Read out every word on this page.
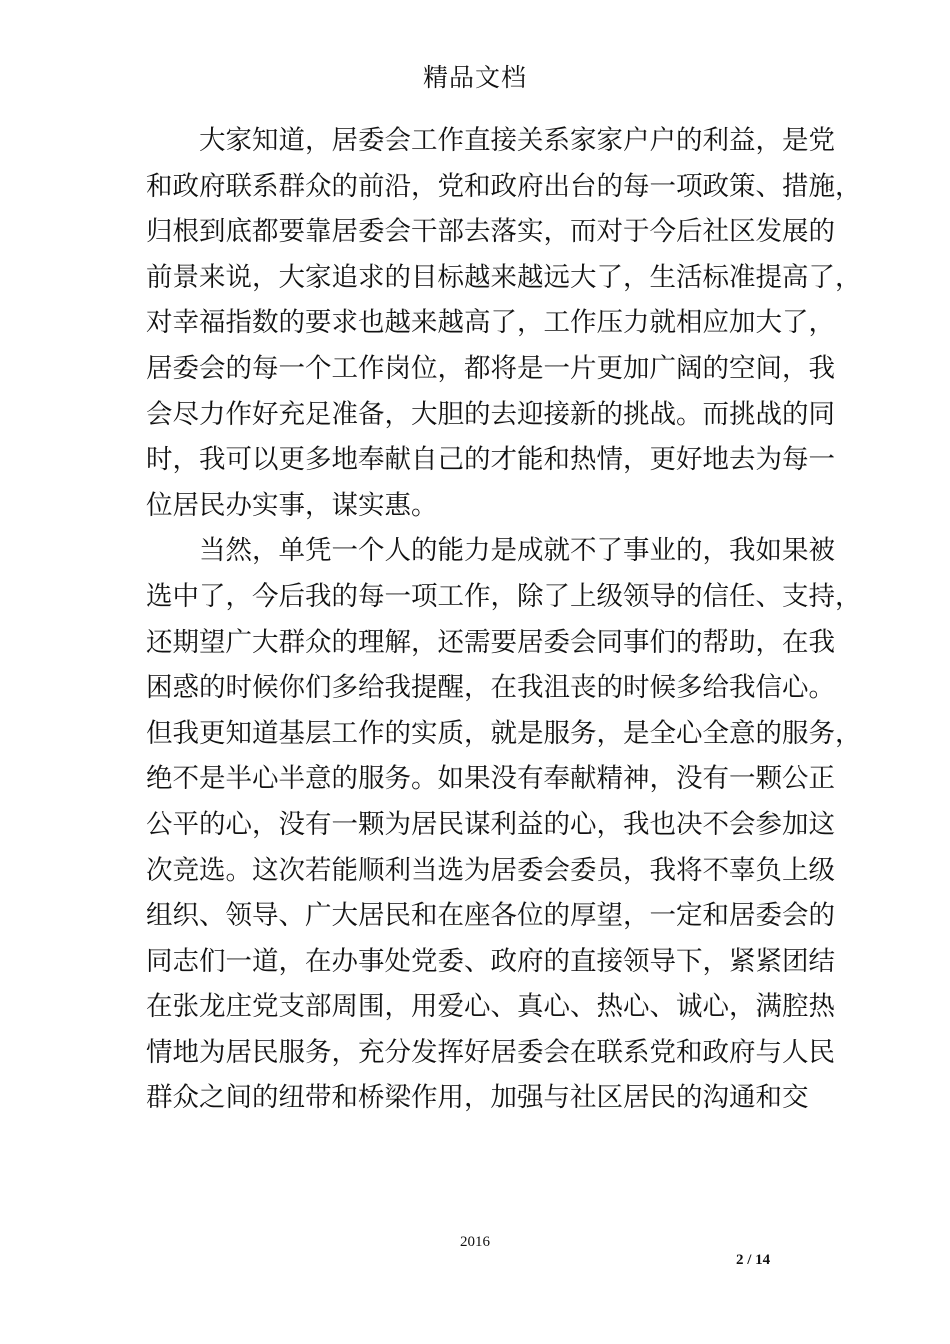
精品文档
大家知道，居委会工作直接关系家家户户的利益，是党
和政府联系群众的前沿，党和政府出台的每一项政策、措施，
归根到底都要靠居委会干部去落实，而对于今后社区发展的
前景来说，大家追求的目标越来越远大了，生活标准提高了，
对幸福指数的要求也越来越高了，工作压力就相应加大了，
居委会的每一个工作岗位，都将是一片更加广阔的空间，我
会尽力作好充足准备，大胆的去迎接新的挑战。而挑战的同
时，我可以更多地奉献自己的才能和热情，更好地去为每一
位居民办实事，谋实惠。
当然，单凭一个人的能力是成就不了事业的，我如果被
选中了，今后我的每一项工作，除了上级领导的信任、支持，
还期望广大群众的理解，还需要居委会同事们的帮助，在我
困惑的时候你们多给我提醒，在我沮丧的时候多给我信心。
但我更知道基层工作的实质，就是服务，是全心全意的服务，
绝不是半心半意的服务。如果没有奉献精神，没有一颗公正
公平的心，没有一颗为居民谋利益的心，我也决不会参加这
次竞选。这次若能顺利当选为居委会委员，我将不辜负上级
组织、领导、广大居民和在座各位的厚望，一定和居委会的
同志们一道，在办事处党委、政府的直接领导下，紧紧团结
在张龙庄党支部周围，用爱心、真心、热心、诚心，满腔热
情地为居民服务，充分发挥好居委会在联系党和政府与人民
群众之间的纽带和桥梁作用，加强与社区居民的沟通和交
2016
2 / 14
